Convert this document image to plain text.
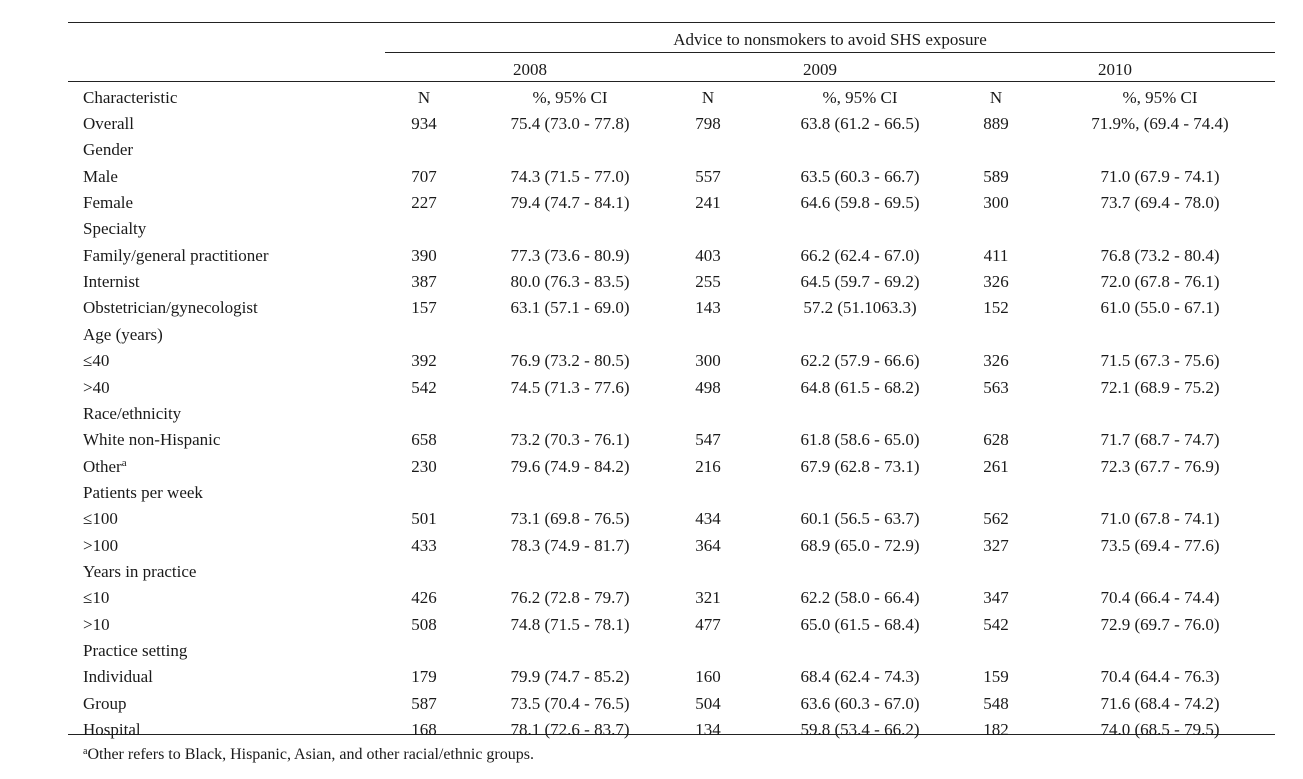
Advice to nonsmokers to avoid SHS exposure
2008	2009	2010
Characteristic	N	%, 95% CI	N	%, 95% CI	N	%, 95% CI
Overall	934	75.4 (73.0 - 77.8)	798	63.8 (61.2 - 66.5)	889	71.9%, (69.4 - 74.4)
Gender
Male	707	74.3 (71.5 - 77.0)	557	63.5 (60.3 - 66.7)	589	71.0 (67.9 - 74.1)
Female	227	79.4 (74.7 - 84.1)	241	64.6 (59.8 - 69.5)	300	73.7 (69.4 - 78.0)
Specialty
Family/general practitioner	390	77.3 (73.6 - 80.9)	403	66.2 (62.4 - 67.0)	411	76.8 (73.2 - 80.4)
Internist	387	80.0 (76.3 - 83.5)	255	64.5 (59.7 - 69.2)	326	72.0 (67.8 - 76.1)
Obstetrician/gynecologist	157	63.1 (57.1 - 69.0)	143	57.2 (51.1063.3)	152	61.0 (55.0 - 67.1)
Age (years)
≤40	392	76.9 (73.2 - 80.5)	300	62.2 (57.9 - 66.6)	326	71.5 (67.3 - 75.6)
>40	542	74.5 (71.3 - 77.6)	498	64.8 (61.5 - 68.2)	563	72.1 (68.9 - 75.2)
Race/ethnicity
White non-Hispanic	658	73.2 (70.3 - 76.1)	547	61.8 (58.6 - 65.0)	628	71.7 (68.7 - 74.7)
Other$^a$	230	79.6 (74.9 - 84.2)	216	67.9 (62.8 - 73.1)	261	72.3 (67.7 - 76.9)
Patients per week
≤100	501	73.1 (69.8 - 76.5)	434	60.1 (56.5 - 63.7)	562	71.0 (67.8 - 74.1)
>100	433	78.3 (74.9 - 81.7)	364	68.9 (65.0 - 72.9)	327	73.5 (69.4 - 77.6)
Years in practice
≤10	426	76.2 (72.8 - 79.7)	321	62.2 (58.0 - 66.4)	347	70.4 (66.4 - 74.4)
>10	508	74.8 (71.5 - 78.1)	477	65.0 (61.5 - 68.4)	542	72.9 (69.7 - 76.0)
Practice setting
Individual	179	79.9 (74.7 - 85.2)	160	68.4 (62.4 - 74.3)	159	70.4 (64.4 - 76.3)
Group	587	73.5 (70.4 - 76.5)	504	63.6 (60.3 - 67.0)	548	71.6 (68.4 - 74.2)
Hospital	168	78.1 (72.6 - 83.7)	134	59.8 (53.4 - 66.2)	182	74.0 (68.5 - 79.5)
$^a$Other refers to Black, Hispanic, Asian, and other racial/ethnic groups.
